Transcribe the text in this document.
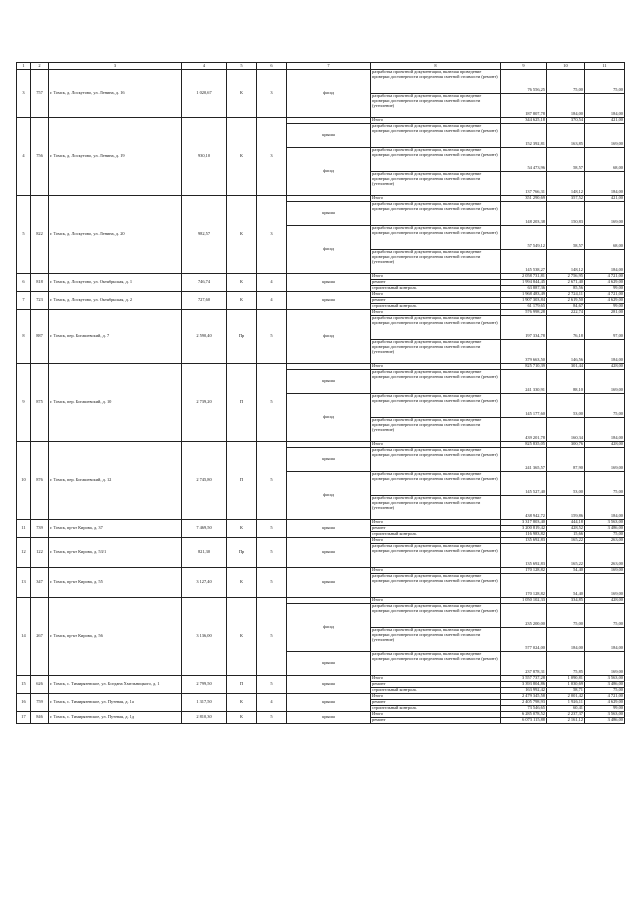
1	2	3	4	5	6	7	8	9	10	11
3	757	г. Томск, д. Лоскутово, ул. Ленина, д. 16	1 020,67	К	3	фасад	разработка проектной документации, включая проведение проверки достоверности определения сметной стоимости (ремонт)	76 556,25	75,00	75,00
							разработка проектной документации, включая проведение проверки достоверности определения сметной стоимости (утепление)	187 807,78	184,00	184,00
4	756	г. Томск, д. Лоскутово, ул. Ленина, д. 19	930,10	К	3		Итого	344 625,18	370,54	421,00
						крыша	разработка проектной документации, включая проведение проверки достоверности определения сметной стоимости (ремонт)	152 392,81	163,85	169,00
						фасад	разработка проектной документации, включая проведение проверки достоверности определения сметной стоимости (ремонт)	54 473,96	58,57	68,00
							разработка проектной документации, включая проведение проверки достоверности определения сметной стоимости (утепление)	137 766,31	148,12	184,00
5	822	г. Томск, д. Лоскутово, ул. Ленина, д. 20	982,57	К	3		Итого	351 290,69	357,52	421,00
						крыша	разработка проектной документации, включая проведение проверки достоверности определения сметной стоимости (ремонт)	148 203,38	150,83	169,00
						фасад	разработка проектной документации, включая проведение проверки достоверности определения сметной стоимости (ремонт)	57 549,12	58,57	68,00
							разработка проектной документации, включая проведение проверки достоверности определения сметной стоимости (утепление)	145 538,27	148,12	184,00
6	818	г. Томск, д. Лоскутово, ул. Октябрьская, д. 1	746,74	К	4	крыша	Итого	2 058 731,81	2 756,95	4 721,00
							ремонт	1 994 844,45	2 671,40	4 629,00
							строительный контроль	63 887,36	85,56	99,00
7	723	г. Томск, д. Лоскутово, ул. Октябрьская, д. 2	727,60	К	4	крыша	Итого	1 968 483,49	2 724,11	4 721,00
							ремонт	1 907 303,84	2 619,50	4 629,00
							строительный контроль	61 179,65	84,67	99,00
8	887	г. Томск, пер. Богашевский, д. 7	2 590,40	Пр	5	фасад	Итого	576 998,28	222,74	281,00
							разработка проектной документации, включая проведение проверки достоверности определения сметной стоимости (ремонт)	197 334,78	76,18	97,00
							разработка проектной документации, включая проведение проверки достоверности определения сметной стоимости (утепление)	379 663,50	146,56	184,00
9	875	г. Томск, пер. Богашевский, д. 10	2 739,20	П	5		Итого	825 710,39	301,44	428,00
						крыша	разработка проектной документации, включая проведение проверки достоверности определения сметной стоимости (ремонт)	241 330,91	88,10	169,00
						фасад	разработка проектной документации, включая проведение проверки достоверности определения сметной стоимости (ремонт)	145 177,60	53,00	75,00
							разработка проектной документации, включая проведение проверки достоверности определения сметной стоимости (утепление)	439 201,78	160,34	184,00
10	876	г. Томск, пер. Богашевский, д. 12	2 745,80	П	5		Итого	825 835,05	300,76	428,00
						крыша	разработка проектной документации, включая проведение проверки достоверности определения сметной стоимости (ремонт)	241 365,57	87,90	169,00
						фасад	разработка проектной документации, включая проведение проверки достоверности определения сметной стоимости (ремонт)	145 527,40	53,00	75,00
							разработка проектной документации, включая проведение проверки достоверности определения сметной стоимости (утепление)	438 942,72	159,86	184,00
11	739	г. Томск, пр-кт Кирова, д. 37	7 469,50	К	5	крыша	Итого	3 317 803,40	444,18	3 563,00
							ремонт	3 200 819,42	428,52	3 486,00
							строительный контроль	116 983,82	15,66	75,00
12	122	г. Томск, пр-кт Кирова, д. 53/1	821,30	Пр	5	крыша	Итого	135 692,83	165,22	263,00
							разработка проектной документации, включая проведение проверки достоверности определения сметной стоимости (ремонт)	135 692,83	165,22	263,00
13	347	г. Томск, пр-кт Кирова, д. 55	3 127,40	К	5	крыша	Итого	170 128,82	54,40	169,00
							разработка проектной документации, включая проведение проверки достоверности определения сметной стоимости (ремонт)	170 128,82	54,40	169,00
14	267	г. Томск, пр-кт Кирова, д. 56	3 136,00	К	5		Итого	1 050 102,33	334,85	428,00
						фасад	разработка проектной документации, включая проведение проверки достоверности определения сметной стоимости (ремонт)	235 200,00	75,00	75,00
							разработка проектной документации, включая проведение проверки достоверности определения сметной стоимости (утепление)	577 024,00	184,00	184,00
						крыша	разработка проектной документации, включая проведение проверки достоверности определения сметной стоимости (ремонт)	237 878,31	75,85	169,00
15	626	г. Томск, с. Тимирязевское, ул. Богдана Хмельницкого, д. 1	2 799,50	П	5	крыша	Итого	3 557 737,28	1 090,81	3 563,00
							ремонт	3 393 804,86	1 030,69	3 486,00
							строительный контроль	163 992,42	58,71	75,00
16	759	г. Томск, с. Тимирязевское, ул. Путевая, д. 1а	1 317,50	К	4	крыша	Итого	2 479 345,58	2 001,42	4 721,00
							ремонт	2 405 798,93	1 926,11	4 629,00
							строительный контроль	73 546,65	60,41	99,00
17	846	г. Томск, с. Тимирязевское, ул. Путевая, д. 1д	2 810,30	К	5	крыша	Итого	6 285 078,52	2 237,37	3 563,00
							ремонт	6 073 115,88	2 161,12	3 486,00
